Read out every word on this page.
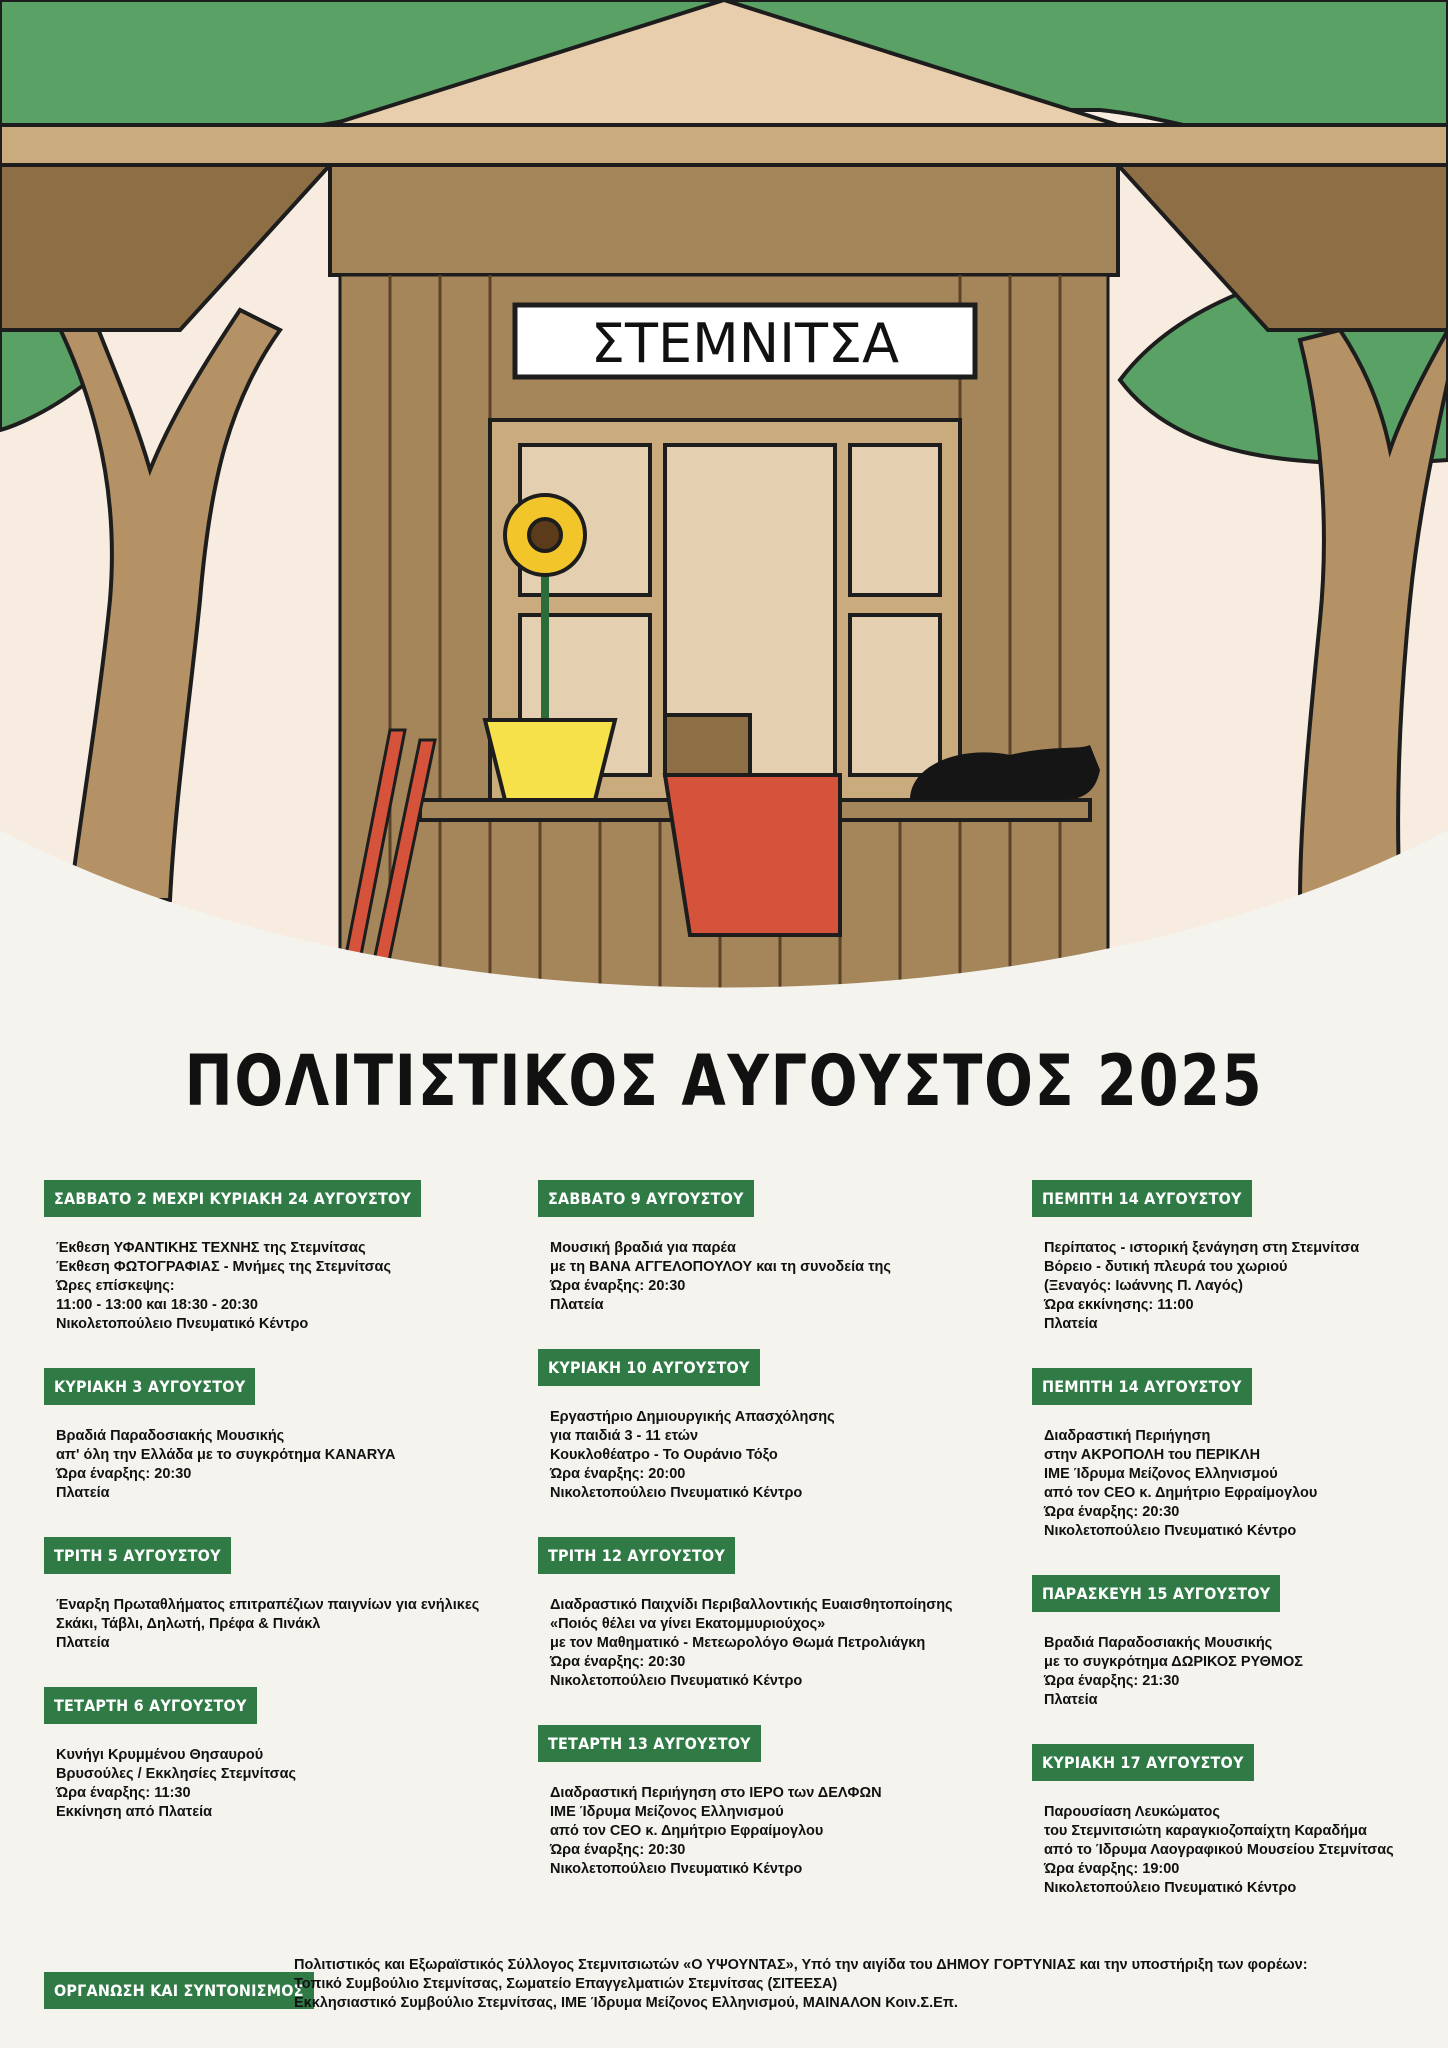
ΣΤΕΜΝΙΤΣΑ
ΠΟΛΙΤΙΣΤΙΚΟΣ ΑΥΓΟΥΣΤΟΣ 2025
ΣΑΒΒΑΤΟ 2 ΜΕΧΡΙ ΚΥΡΙΑΚΗ 24 ΑΥΓΟΥΣΤΟΥ
Έκθεση ΥΦΑΝΤΙΚΗΣ ΤΕΧΝΗΣ της Στεμνίτσας
Έκθεση ΦΩΤΟΓΡΑΦΙΑΣ - Μνήμες της Στεμνίτσας
Ώρες επίσκεψης:
11:00 - 13:00 και 18:30 - 20:30
Νικολετοπούλειο Πνευματικό Κέντρο
ΚΥΡΙΑΚΗ 3 ΑΥΓΟΥΣΤΟΥ
Βραδιά Παραδοσιακής Μουσικής
απ' όλη την Ελλάδα με το συγκρότημα KANARYA
Ώρα έναρξης: 20:30
Πλατεία
ΤΡΙΤΗ 5 ΑΥΓΟΥΣΤΟΥ
Έναρξη Πρωταθλήματος επιτραπέζιων παιγνίων για ενήλικες
Σκάκι, Τάβλι, Δηλωτή, Πρέφα & Πινάκλ
Πλατεία
ΤΕΤΑΡΤΗ 6 ΑΥΓΟΥΣΤΟΥ
Κυνήγι Κρυμμένου Θησαυρού
Βρυσούλες / Εκκλησίες Στεμνίτσας
Ώρα έναρξης: 11:30
Εκκίνηση από Πλατεία
ΣΑΒΒΑΤΟ 9 ΑΥΓΟΥΣΤΟΥ
Μουσική βραδιά για παρέα
με τη ΒΑΝΑ ΑΓΓΕΛΟΠΟΥΛΟΥ και τη συνοδεία της
Ώρα έναρξης: 20:30
Πλατεία
ΚΥΡΙΑΚΗ 10 ΑΥΓΟΥΣΤΟΥ
Εργαστήριο Δημιουργικής Απασχόλησης
για παιδιά 3 - 11 ετών
Κουκλοθέατρο - Το Ουράνιο Τόξο
Ώρα έναρξης: 20:00
Νικολετοπούλειο Πνευματικό Κέντρο
ΤΡΙΤΗ 12 ΑΥΓΟΥΣΤΟΥ
Διαδραστικό Παιχνίδι Περιβαλλοντικής Ευαισθητοποίησης
«Ποιός θέλει να γίνει Εκατομμυριούχος»
με τον Μαθηματικό - Μετεωρολόγο Θωμά Πετρολιάγκη
Ώρα έναρξης: 20:30
Νικολετοπούλειο Πνευματικό Κέντρο
ΤΕΤΑΡΤΗ 13 ΑΥΓΟΥΣΤΟΥ
Διαδραστική Περιήγηση στο ΙΕΡΟ των ΔΕΛΦΩΝ
ΙΜΕ Ίδρυμα Μείζονος Ελληνισμού
από τον CEO κ. Δημήτριο Εφραίμογλου
Ώρα έναρξης: 20:30
Νικολετοπούλειο Πνευματικό Κέντρο
ΠΕΜΠΤΗ 14 ΑΥΓΟΥΣΤΟΥ
Περίπατος - ιστορική ξενάγηση στη Στεμνίτσα
Βόρειο - δυτική πλευρά του χωριού
(Ξεναγός: Ιωάννης Π. Λαγός)
Ώρα εκκίνησης: 11:00
Πλατεία
ΠΕΜΠΤΗ 14 ΑΥΓΟΥΣΤΟΥ
Διαδραστική Περιήγηση
στην ΑΚΡΟΠΟΛΗ του ΠΕΡΙΚΛΗ
ΙΜΕ Ίδρυμα Μείζονος Ελληνισμού
από τον CEO κ. Δημήτριο Εφραίμογλου
Ώρα έναρξης: 20:30
Νικολετοπούλειο Πνευματικό Κέντρο
ΠΑΡΑΣΚΕΥΗ 15 ΑΥΓΟΥΣΤΟΥ
Βραδιά Παραδοσιακής Μουσικής
με το συγκρότημα ΔΩΡΙΚΟΣ ΡΥΘΜΟΣ
Ώρα έναρξης: 21:30
Πλατεία
ΚΥΡΙΑΚΗ 17 ΑΥΓΟΥΣΤΟΥ
Παρουσίαση Λευκώματος
του Στεμνιτσιώτη καραγκιοζοπαίχτη Καραδήμα
από το Ίδρυμα Λαογραφικού Μουσείου Στεμνίτσας
Ώρα έναρξης: 19:00
Νικολετοπούλειο Πνευματικό Κέντρο
ΟΡΓΑΝΩΣΗ ΚΑΙ ΣΥΝΤΟΝΙΣΜΟΣ
Πολιτιστικός και Εξωραϊστικός Σύλλογος Στεμνιτσιωτών «Ο ΥΨΟΥΝΤΑΣ», Υπό την αιγίδα του ΔΗΜΟΥ ΓΟΡΤΥΝΙΑΣ και την υποστήριξη των φορέων:
Τοπικό Συμβούλιο Στεμνίτσας, Σωματείο Επαγγελματιών Στεμνίτσας (ΣΙΤΕΕΣΑ)
Εκκλησιαστικό Συμβούλιο Στεμνίτσας, ΙΜΕ Ίδρυμα Μείζονος Ελληνισμού, ΜΑΙΝΑΛΟΝ Κοιν.Σ.Επ.
